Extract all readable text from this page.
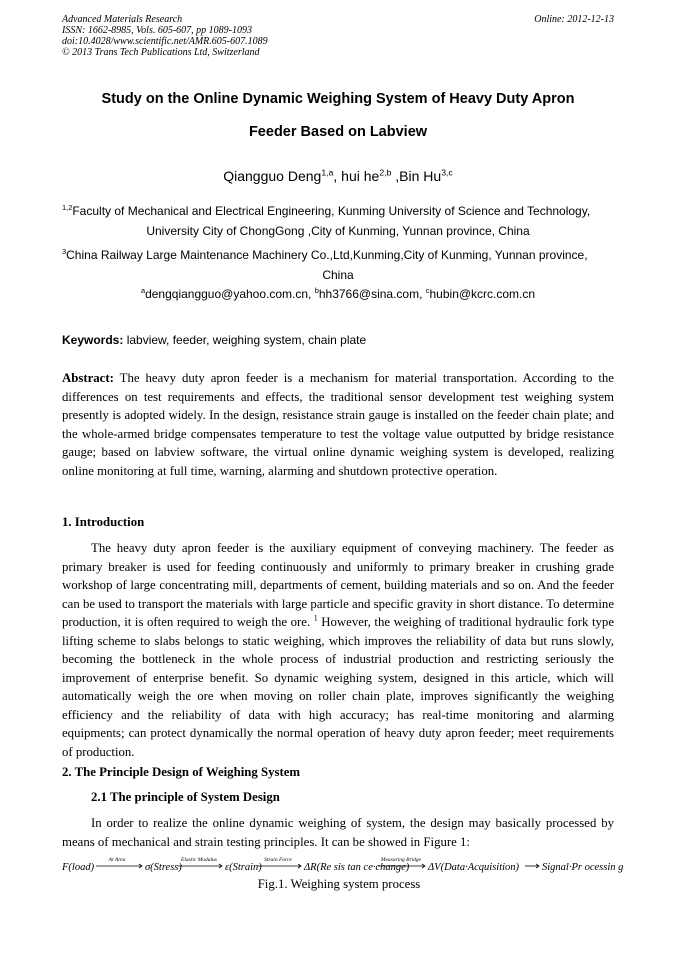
Advanced Materials Research
ISSN: 1662-8985, Vols. 605-607, pp 1089-1093
doi:10.4028/www.scientific.net/AMR.605-607.1089
© 2013 Trans Tech Publications Ltd, Switzerland
Online: 2012-12-13
Study on the Online Dynamic Weighing System of Heavy Duty Apron
Feeder Based on Labview
Qiangguo Deng$^{1,a}$, hui he$^{2,b}$ ,Bin Hu$^{3,c}$
$^{1,2}$Faculty of Mechanical and Electrical Engineering, Kunming University of Science and Technology,
University City of ChongGong ,City of Kunming, Yunnan province, China
$^3$China Railway Large Maintenance Machinery Co.,Ltd,Kunming,City of Kunming, Yunnan province,
China
$^a$dengqiangguo@yahoo.com.cn, $^b$hh3766@sina.com, $^c$hubin@kcrc.com.cn
Keywords: labview, feeder, weighing system, chain plate
Abstract: The heavy duty apron feeder is a mechanism for material transportation. According to the differences on test requirements and effects, the traditional sensor development test weighing system presently is adopted widely. In the design, resistance strain gauge is installed on the feeder chain plate; and the whole-armed bridge compensates temperature to test the voltage value outputted by bridge resistance gauge; based on labview software, the virtual online dynamic weighing system is developed, realizing online monitoring at full time, warning, alarming and shutdown protective operation.
1. Introduction
The heavy duty apron feeder is the auxiliary equipment of conveying machinery. The feeder as primary breaker is used for feeding continuously and uniformly to primary breaker in crushing grade workshop of large concentrating mill, departments of cement, building materials and so on. And the feeder can be used to transport the materials with large particle and specific gravity in short distance. To determine production, it is often required to weigh the ore. $^1$ However, the weighing of traditional hydraulic fork type lifting scheme to slabs belongs to static weighing, which improves the reliability of data but runs slowly, becoming the bottleneck in the whole process of industrial production and restricting seriously the improvement of enterprise benefit. So dynamic weighing system, designed in this article, which will automatically weigh the ore when moving on roller chain plate, improves significantly the weighing efficiency and the reliability of data with high accuracy; has real-time monitoring and alarming equipments; can protect dynamically the normal operation of heavy duty apron feeder; meet requirements of production.
2. The Principle Design of Weighing System
2.1 The principle of System Design
In order to realize the online dynamic weighing of system, the design may basically processed by means of mechanical and strain testing principles. It can be showed in Figure 1:
F(load)	σ(Stress)	ε(Strain)	ΔR(Re sis tan ce·change) ΔV(Data·Acquisition) Signal·Pr ocessin g
At Area	Elastic Modulus	Strain Force	Measuring Bridge
Fig.1. Weighing system process
